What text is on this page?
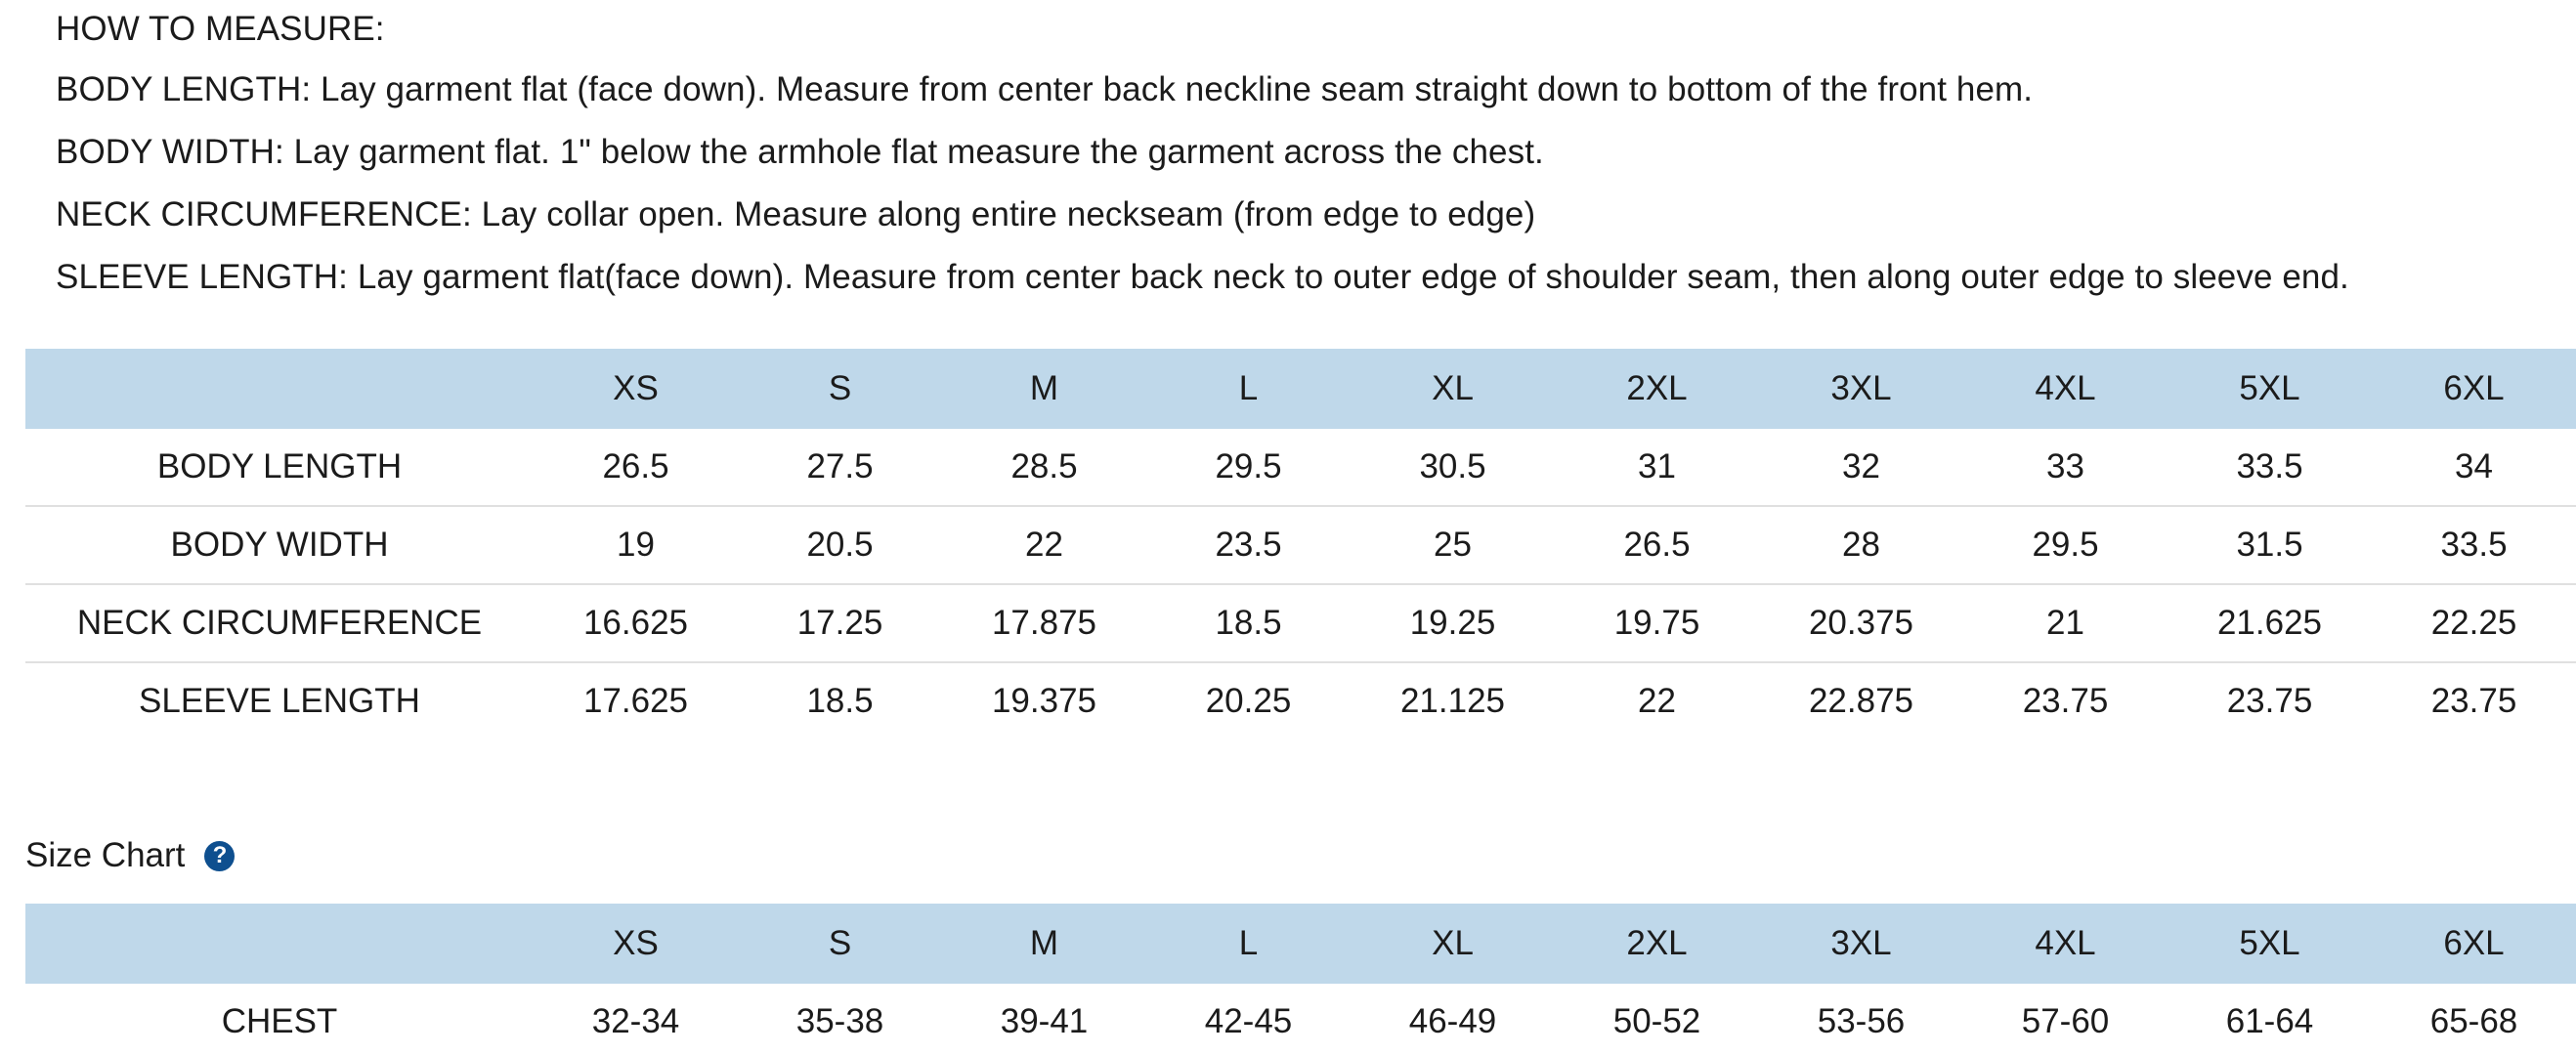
HOW TO MEASURE:
BODY LENGTH: Lay garment flat (face down). Measure from center back neckline seam straight down to bottom of the front hem.
BODY WIDTH: Lay garment flat. 1" below the armhole flat measure the garment across the chest.
NECK CIRCUMFERENCE: Lay collar open. Measure along entire neckseam (from edge to edge)
SLEEVE LENGTH: Lay garment flat(face down). Measure from center back neck to outer edge of shoulder seam, then along outer edge to sleeve end.
	XS	S	M	L	XL	2XL	3XL	4XL	5XL	6XL
BODY LENGTH	26.5	27.5	28.5	29.5	30.5	31	32	33	33.5	34
BODY WIDTH	19	20.5	22	23.5	25	26.5	28	29.5	31.5	33.5
NECK CIRCUMFERENCE	16.625	17.25	17.875	18.5	19.25	19.75	20.375	21	21.625	22.25
SLEEVE LENGTH	17.625	18.5	19.375	20.25	21.125	22	22.875	23.75	23.75	23.75
Size Chart	?
	XS	S	M	L	XL	2XL	3XL	4XL	5XL	6XL
CHEST	32-34	35-38	39-41	42-45	46-49	50-52	53-56	57-60	61-64	65-68
